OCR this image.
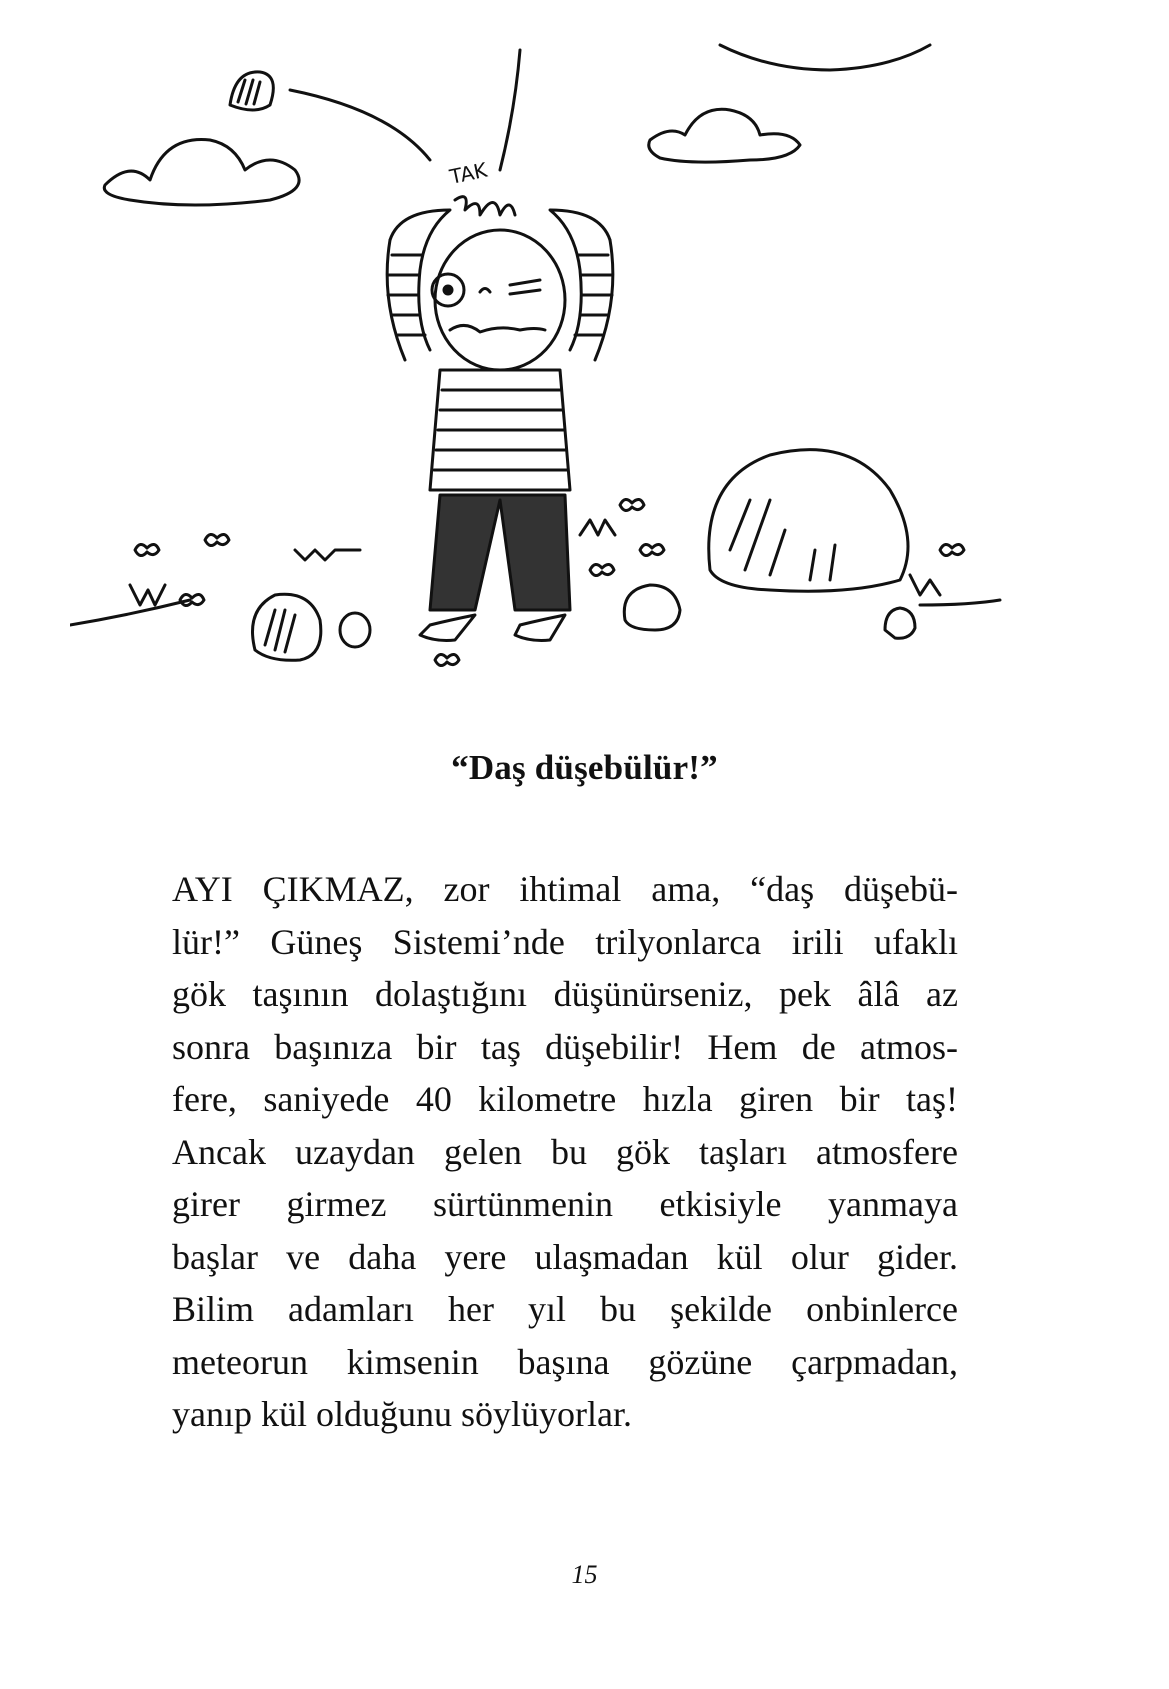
TAK
“Daş düşebülür!”
AYI ÇIKMAZ, zor ihtimal ama, “daş düşebü-
lür!” Güneş Sistemi’nde trilyonlarca irili ufaklı
gök taşının dolaştığını düşünürseniz, pek âlâ az
sonra başınıza bir taş düşebilir! Hem de atmos-
fere, saniyede 40 kilometre hızla giren bir taş!
Ancak uzaydan gelen bu gök taşları atmosfere
girer girmez sürtünmenin etkisiyle yanmaya
başlar ve daha yere ulaşmadan kül olur gider.
Bilim adamları her yıl bu şekilde onbinlerce
meteorun kimsenin başına gözüne çarpmadan,
yanıp kül olduğunu söylüyorlar.
15
